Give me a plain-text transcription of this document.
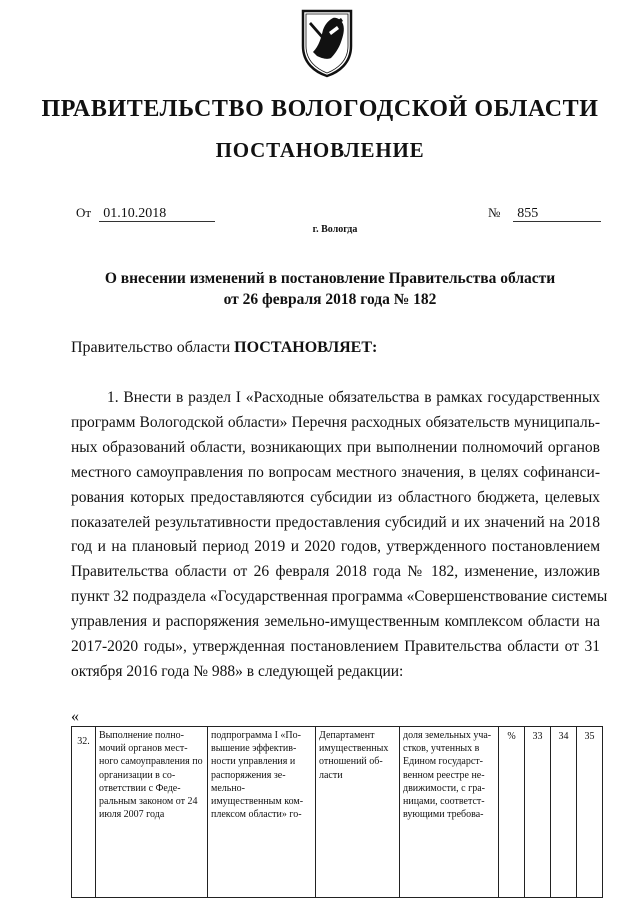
ПРАВИТЕЛЬСТВО ВОЛОГОДСКОЙ ОБЛАСТИ
ПОСТАНОВЛЕНИЕ
От 01.10.2018	№ 855
г. Вологда
О внесении изменений в постановление Правительства области
от 26 февраля 2018 года № 182
Правительство области ПОСТАНОВЛЯЕТ:
1. Внести в раздел I «Расходные обязательства в рамках государственных
программ Вологодской области» Перечня расходных обязательств муниципаль-
ных образований области, возникающих при выполнении полномочий органов
местного самоуправления по вопросам местного значения, в целях софинанси-
рования которых предоставляются субсидии из областного бюджета, целевых
показателей результативности предоставления субсидий и их значений на 2018
год и на плановый период 2019 и 2020 годов, утвержденного постановлением
Правительства области от 26 февраля 2018 года № 182, изменение, изложив
пункт 32 подраздела «Государственная программа «Совершенствование системы
управления и распоряжения земельно-имущественным комплексом области на
2017-2020 годы», утвержденная постановлением Правительства области от 31
октября 2016 года № 988» в следующей редакции:
«
32.	Выполнение полно-мочий органов мест-ного самоуправления по организации в со-ответствии с Феде-ральным законом от 24 июля 2007 года	подпрограмма I «По-вышение эффектив-ности управления и распоряжения зе-мельно-имущественным ком-плексом области» го-	Департамент имущественных отношений об-ласти	доля земельных уча-стков, учтенных в Едином государст-венном реестре не-движимости, с гра-ницами, соответст-вующими требова-	%	33	34	35
